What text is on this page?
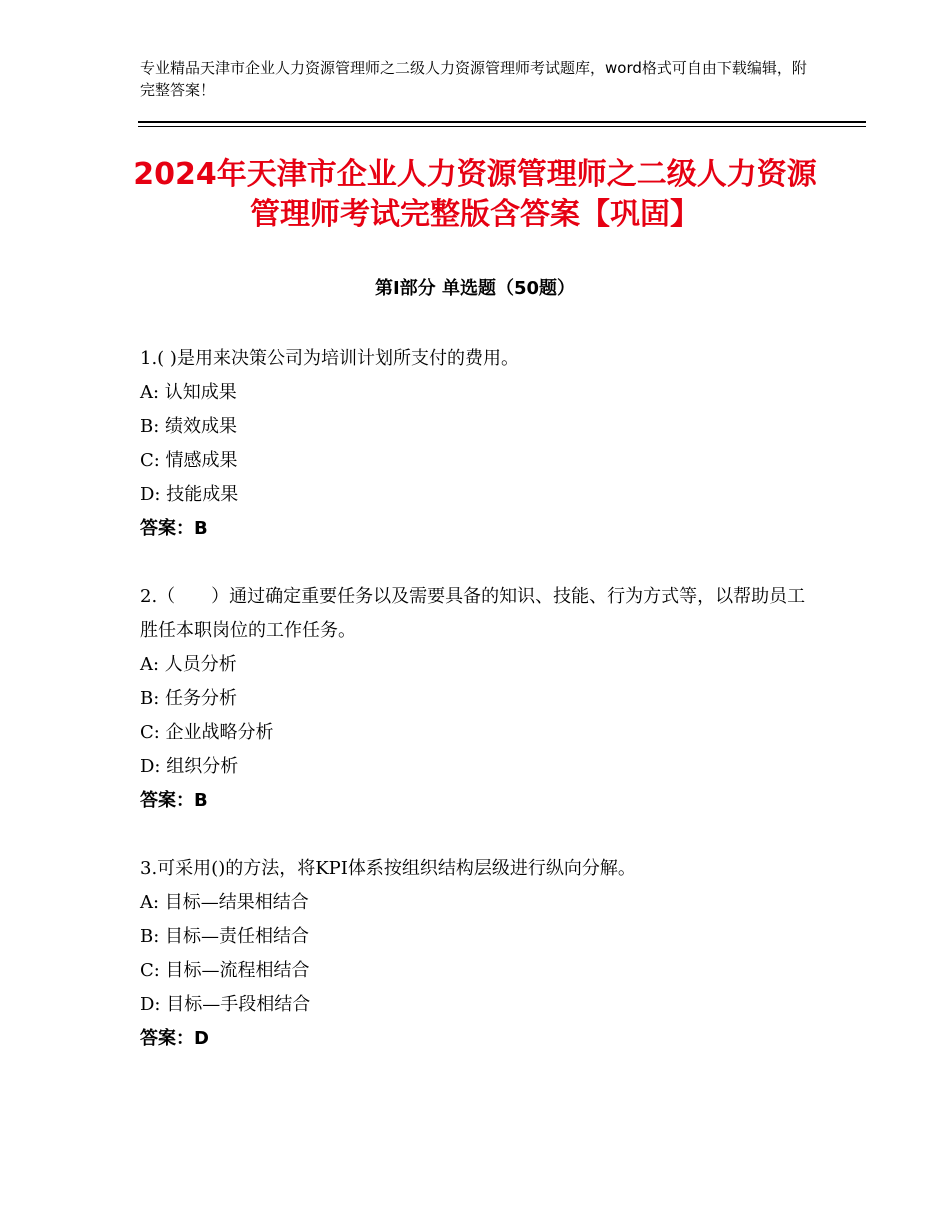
专业精品天津市企业人力资源管理师之二级人力资源管理师考试题库，word格式可自由下载编辑，附完整答案！
2024年天津市企业人力资源管理师之二级人力资源管理师考试完整版含答案【巩固】
第Ⅰ部分 单选题（50题）
1.( )是用来决策公司为培训计划所支付的费用。
A: 认知成果
B: 绩效成果
C: 情感成果
D: 技能成果
答案：B
2.（　　）通过确定重要任务以及需要具备的知识、技能、行为方式等，以帮助员工胜任本职岗位的工作任务。
A: 人员分析
B: 任务分析
C: 企业战略分析
D: 组织分析
答案：B
3.可采用()的方法，将KPI体系按组织结构层级进行纵向分解。
A: 目标—结果相结合
B: 目标—责任相结合
C: 目标—流程相结合
D: 目标—手段相结合
答案：D
